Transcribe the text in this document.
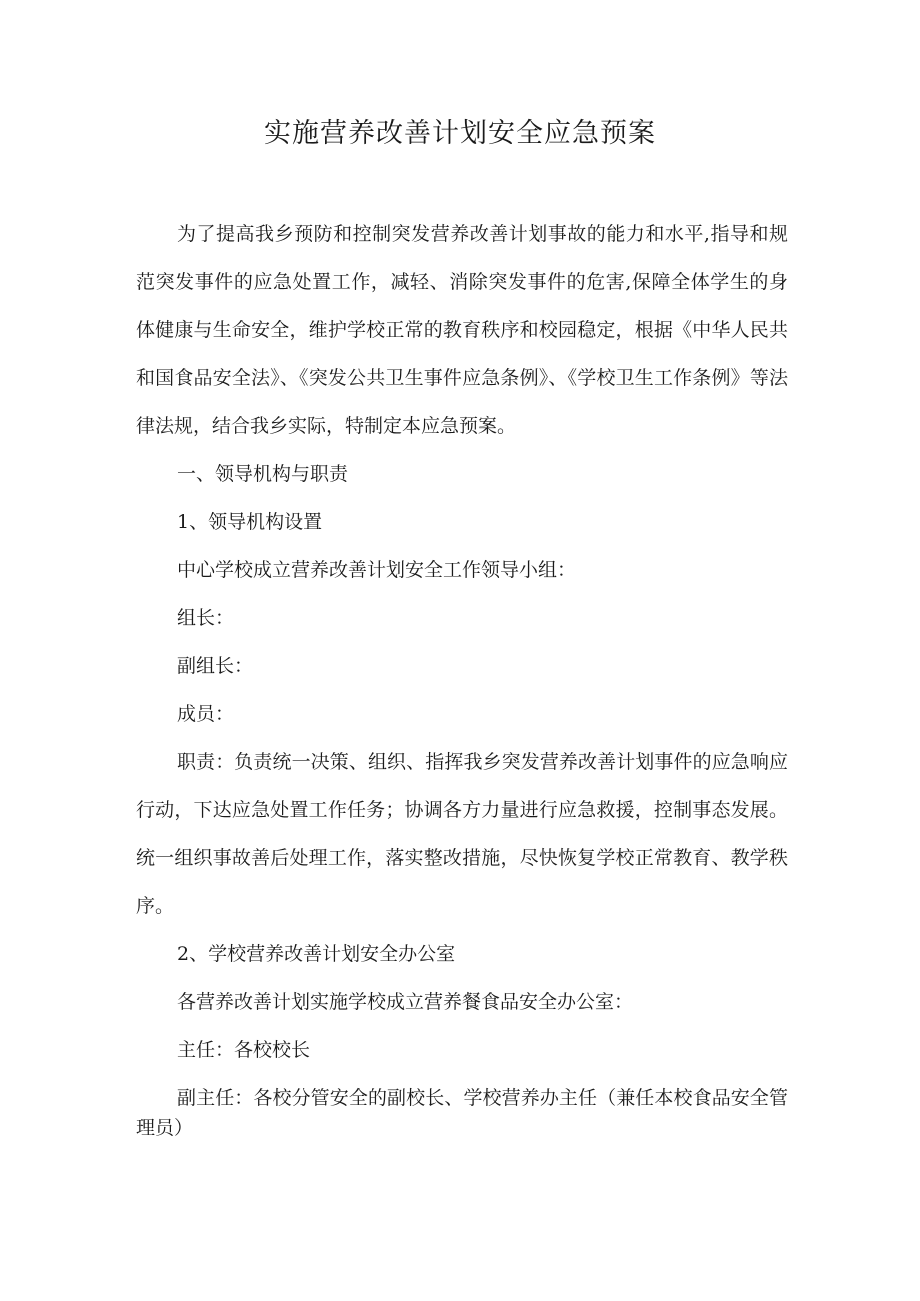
实施营养改善计划安全应急预案

为了提高我乡预防和控制突发营养改善计划事故的能力和水平,指导和规范突发事件的应急处置工作，减轻、消除突发事件的危害,保障全体学生的身体健康与生命安全，维护学校正常的教育秩序和校园稳定，根据《中华人民共和国食品安全法》、《突发公共卫生事件应急条例》、《学校卫生工作条例》等法律法规，结合我乡实际，特制定本应急预案。

一、领导机构与职责

1、领导机构设置

中心学校成立营养改善计划安全工作领导小组：

组长：

副组长：

成员：

职责：负责统一决策、组织、指挥我乡突发营养改善计划事件的应急响应行动，下达应急处置工作任务；协调各方力量进行应急救援，控制事态发展。统一组织事故善后处理工作，落实整改措施，尽快恢复学校正常教育、教学秩序。

2、学校营养改善计划安全办公室

各营养改善计划实施学校成立营养餐食品安全办公室：

主任：各校校长

副主任：各校分管安全的副校长、学校营养办主任（兼任本校食品安全管理员）
